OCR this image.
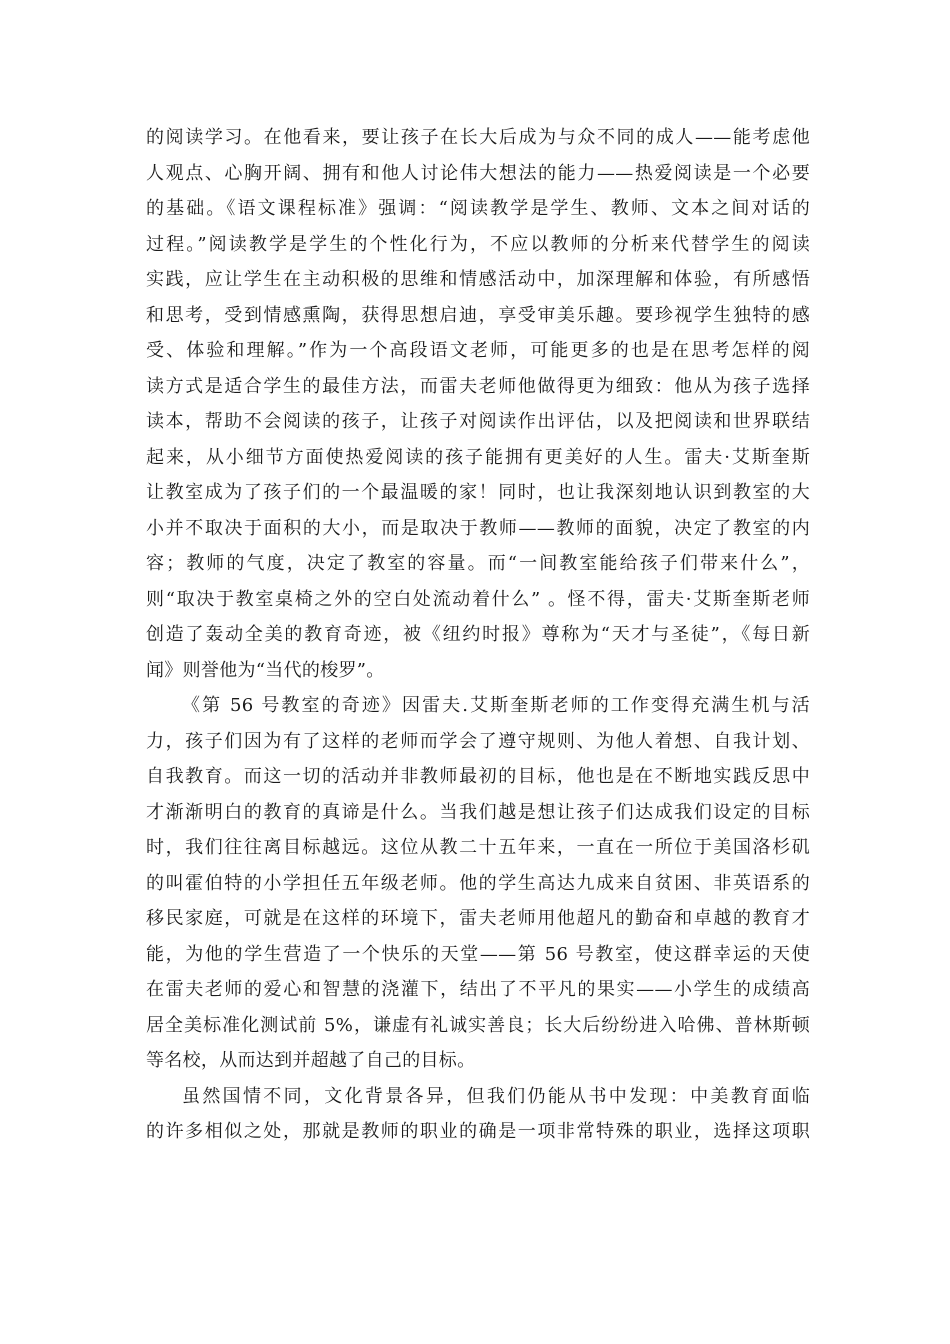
的阅读学习。在他看来，要让孩子在长大后成为与众不同的成人——能考虑他
人观点、心胸开阔、拥有和他人讨论伟大想法的能力——热爱阅读是一个必要
的基础。《语文课程标准》强调：“阅读教学是学生、教师、文本之间对话的
过程。”阅读教学是学生的个性化行为，不应以教师的分析来代替学生的阅读
实践，应让学生在主动积极的思维和情感活动中，加深理解和体验，有所感悟
和思考，受到情感熏陶，获得思想启迪，享受审美乐趣。要珍视学生独特的感
受、体验和理解。”作为一个高段语文老师，可能更多的也是在思考怎样的阅
读方式是适合学生的最佳方法，而雷夫老师他做得更为细致：他从为孩子选择
读本，帮助不会阅读的孩子，让孩子对阅读作出评估，以及把阅读和世界联结
起来，从小细节方面使热爱阅读的孩子能拥有更美好的人生。雷夫·艾斯奎斯
让教室成为了孩子们的一个最温暖的家！同时，也让我深刻地认识到教室的大
小并不取决于面积的大小，而是取决于教师——教师的面貌，决定了教室的内
容；教师的气度，决定了教室的容量。而“一间教室能给孩子们带来什么”，
则“取决于教室桌椅之外的空白处流动着什么” 。怪不得，雷夫·艾斯奎斯老师
创造了轰动全美的教育奇迹，被《纽约时报》尊称为“天才与圣徒”，《每日新
闻》则誉他为“当代的梭罗”。
《第 56 号教室的奇迹》因雷夫.艾斯奎斯老师的工作变得充满生机与活
力，孩子们因为有了这样的老师而学会了遵守规则、为他人着想、自我计划、
自我教育。而这一切的活动并非教师最初的目标，他也是在不断地实践反思中
才渐渐明白的教育的真谛是什么。当我们越是想让孩子们达成我们设定的目标
时，我们往往离目标越远。这位从教二十五年来，一直在一所位于美国洛杉矶
的叫霍伯特的小学担任五年级老师。他的学生高达九成来自贫困、非英语系的
移民家庭，可就是在这样的环境下，雷夫老师用他超凡的勤奋和卓越的教育才
能，为他的学生营造了一个快乐的天堂——第 56 号教室，使这群幸运的天使
在雷夫老师的爱心和智慧的浇灌下，结出了不平凡的果实——小学生的成绩高
居全美标准化测试前 5%，谦虚有礼诚实善良；长大后纷纷进入哈佛、普林斯顿
等名校，从而达到并超越了自己的目标。
虽然国情不同，文化背景各异，但我们仍能从书中发现：中美教育面临
的许多相似之处，那就是教师的职业的确是一项非常特殊的职业，选择这项职
